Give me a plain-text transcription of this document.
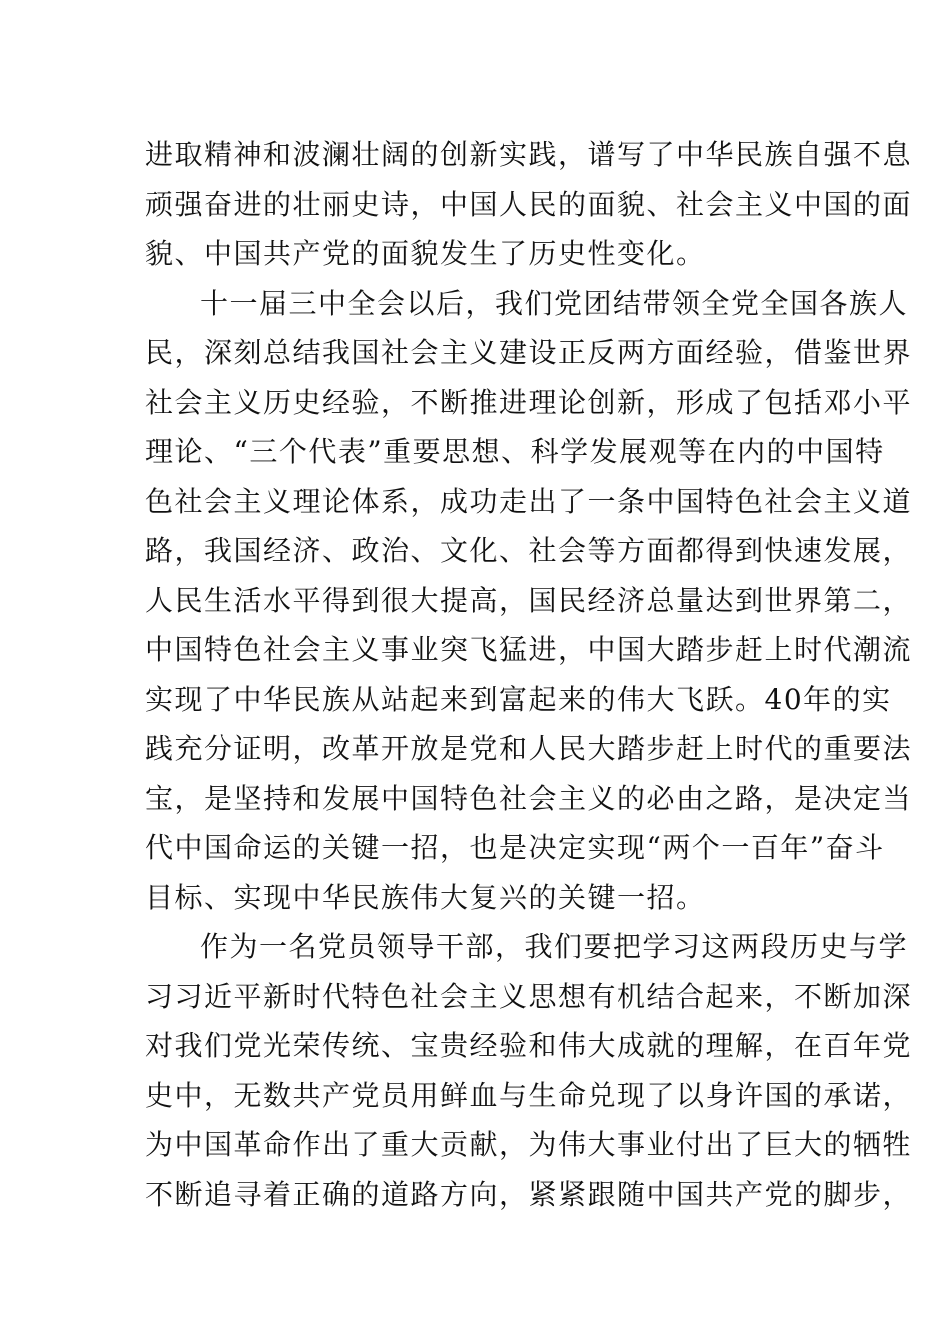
进取精神和波澜壮阔的创新实践，谱写了中华民族自强不息
顽强奋进的壮丽史诗，中国人民的面貌、社会主义中国的面
貌、中国共产党的面貌发生了历史性变化。
十一届三中全会以后，我们党团结带领全党全国各族人
民，深刻总结我国社会主义建设正反两方面经验，借鉴世界
社会主义历史经验，不断推进理论创新，形成了包括邓小平
理论、“三个代表”重要思想、科学发展观等在内的中国特
色社会主义理论体系，成功走出了一条中国特色社会主义道
路，我国经济、政治、文化、社会等方面都得到快速发展，
人民生活水平得到很大提高，国民经济总量达到世界第二，
中国特色社会主义事业突飞猛进，中国大踏步赶上时代潮流
实现了中华民族从站起来到富起来的伟大飞跃。40年的实
践充分证明，改革开放是党和人民大踏步赶上时代的重要法
宝，是坚持和发展中国特色社会主义的必由之路，是决定当
代中国命运的关键一招，也是决定实现“两个一百年”奋斗
目标、实现中华民族伟大复兴的关键一招。
作为一名党员领导干部，我们要把学习这两段历史与学
习习近平新时代特色社会主义思想有机结合起来，不断加深
对我们党光荣传统、宝贵经验和伟大成就的理解，在百年党
史中，无数共产党员用鲜血与生命兑现了以身许国的承诺，
为中国革命作出了重大贡献，为伟大事业付出了巨大的牺牲
不断追寻着正确的道路方向，紧紧跟随中国共产党的脚步，
